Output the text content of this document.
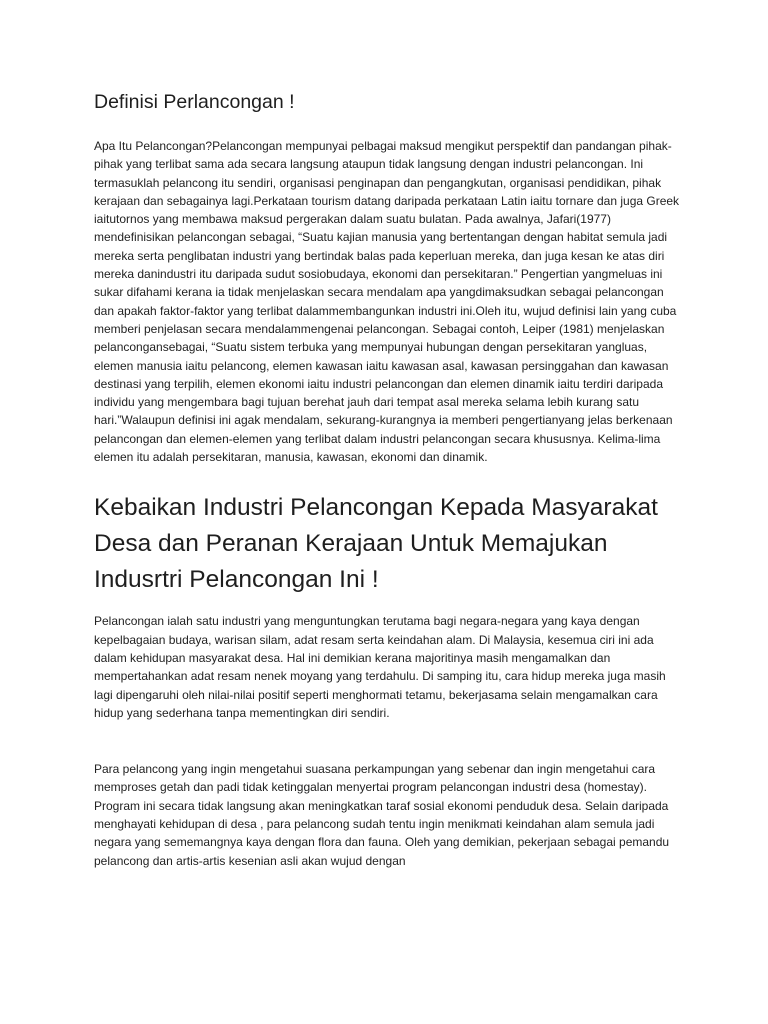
Definisi Perlancongan !

Apa Itu Pelancongan?Pelancongan mempunyai pelbagai maksud mengikut perspektif dan pandangan pihak- pihak yang terlibat sama ada secara langsung ataupun tidak langsung dengan industri pelancongan. Ini termasuklah pelancong itu sendiri, organisasi penginapan dan pengangkutan, organisasi pendidikan, pihak kerajaan dan sebagainya lagi.Perkataan tourism datang daripada perkataan Latin iaitu tornare dan juga Greek iaitutornos yang membawa maksud pergerakan dalam suatu bulatan. Pada awalnya, Jafari(1977) mendefinisikan pelancongan sebagai, “Suatu kajian manusia yang bertentangan dengan habitat semula jadi mereka serta penglibatan industri yang bertindak balas pada keperluan mereka, dan juga kesan ke atas diri mereka danindustri itu daripada sudut sosiobudaya, ekonomi dan persekitaran.” Pengertian yangmeluas ini sukar difahami kerana ia tidak menjelaskan secara mendalam apa yangdimaksudkan sebagai pelancongan dan apakah faktor-faktor yang terlibat dalammembangunkan industri ini.Oleh itu, wujud definisi lain yang cuba memberi penjelasan secara mendalammengenai pelancongan. Sebagai contoh, Leiper (1981) menjelaskan pelancongansebagai, “Suatu sistem terbuka yang mempunyai hubungan dengan persekitaran yangluas, elemen manusia iaitu pelancong, elemen kawasan iaitu kawasan asal, kawasan persinggahan dan kawasan destinasi yang terpilih, elemen ekonomi iaitu industri pelancongan dan elemen dinamik iaitu terdiri daripada individu yang mengembara bagi tujuan berehat jauh dari tempat asal mereka selama lebih kurang satu hari.”Walaupun definisi ini agak mendalam, sekurang-kurangnya ia memberi pengertianyang jelas berkenaan pelancongan dan elemen-elemen yang terlibat dalam industri pelancongan secara khususnya. Kelima-lima elemen itu adalah persekitaran, manusia, kawasan, ekonomi dan dinamik.

Kebaikan Industri Pelancongan Kepada Masyarakat Desa dan Peranan Kerajaan Untuk Memajukan Indusrtri Pelancongan Ini !

Pelancongan ialah satu industri yang menguntungkan terutama bagi negara-negara yang kaya dengan kepelbagaian budaya, warisan silam, adat resam serta keindahan alam. Di Malaysia, kesemua ciri ini ada dalam kehidupan masyarakat desa. Hal ini demikian kerana majoritinya masih mengamalkan dan mempertahankan adat resam nenek moyang yang terdahulu. Di samping itu, cara hidup mereka juga masih lagi dipengaruhi oleh nilai-nilai positif seperti menghormati tetamu, bekerjasama selain mengamalkan cara hidup yang sederhana tanpa mementingkan diri sendiri.

Para pelancong yang ingin mengetahui suasana perkampungan yang sebenar dan ingin mengetahui cara memproses getah dan padi tidak ketinggalan menyertai program pelancongan industri desa (homestay). Program ini secara tidak langsung akan meningkatkan taraf sosial ekonomi penduduk desa. Selain daripada menghayati kehidupan di desa , para pelancong sudah tentu ingin menikmati keindahan alam semula jadi negara yang sememangnya kaya dengan flora dan fauna. Oleh yang demikian, pekerjaan sebagai pemandu pelancong dan artis-artis kesenian asli akan wujud dengan
